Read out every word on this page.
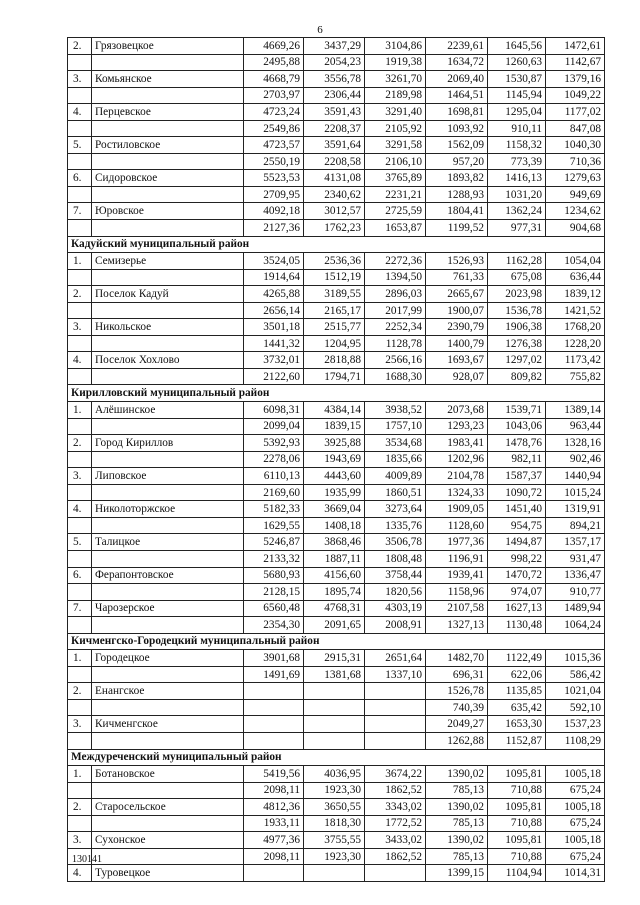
6
2.	Грязовецкое	4669,26	3437,29	3104,86	2239,61	1645,56	1472,61
		2495,88	2054,23	1919,38	1634,72	1260,63	1142,67
3.	Комьянское	4668,79	3556,78	3261,70	2069,40	1530,87	1379,16
		2703,97	2306,44	2189,98	1464,51	1145,94	1049,22
4.	Перцевское	4723,24	3591,43	3291,40	1698,81	1295,04	1177,02
		2549,86	2208,37	2105,92	1093,92	910,11	847,08
5.	Ростиловское	4723,57	3591,64	3291,58	1562,09	1158,32	1040,30
		2550,19	2208,58	2106,10	957,20	773,39	710,36
6.	Сидоровское	5523,53	4131,08	3765,89	1893,82	1416,13	1279,63
		2709,95	2340,62	2231,21	1288,93	1031,20	949,69
7.	Юровское	4092,18	3012,57	2725,59	1804,41	1362,24	1234,62
		2127,36	1762,23	1653,87	1199,52	977,31	904,68
Кадуйский муниципальный район							
1.	Семизерье	3524,05	2536,36	2272,36	1526,93	1162,28	1054,04
		1914,64	1512,19	1394,50	761,33	675,08	636,44
2.	Поселок Кадуй	4265,88	3189,55	2896,03	2665,67	2023,98	1839,12
		2656,14	2165,17	2017,99	1900,07	1536,78	1421,52
3.	Никольское	3501,18	2515,77	2252,34	2390,79	1906,38	1768,20
		1441,32	1204,95	1128,78	1400,79	1276,38	1228,20
4.	Поселок Хохлово	3732,01	2818,88	2566,16	1693,67	1297,02	1173,42
		2122,60	1794,71	1688,30	928,07	809,82	755,82
Кирилловский муниципальный район							
1.	Алёшинское	6098,31	4384,14	3938,52	2073,68	1539,71	1389,14
		2099,04	1839,15	1757,10	1293,23	1043,06	963,44
2.	Город Кириллов	5392,93	3925,88	3534,68	1983,41	1478,76	1328,16
		2278,06	1943,69	1835,66	1202,96	982,11	902,46
3.	Липовское	6110,13	4443,60	4009,89	2104,78	1587,37	1440,94
		2169,60	1935,99	1860,51	1324,33	1090,72	1015,24
4.	Николоторжское	5182,33	3669,04	3273,64	1909,05	1451,40	1319,91
		1629,55	1408,18	1335,76	1128,60	954,75	894,21
5.	Талицкое	5246,87	3868,46	3506,78	1977,36	1494,87	1357,17
		2133,32	1887,11	1808,48	1196,91	998,22	931,47
6.	Ферапонтовское	5680,93	4156,60	3758,44	1939,41	1470,72	1336,47
		2128,15	1895,74	1820,56	1158,96	974,07	910,77
7.	Чарозерское	6560,48	4768,31	4303,19	2107,58	1627,13	1489,94
		2354,30	2091,65	2008,91	1327,13	1130,48	1064,24
Кичменгско-Городецкий муниципальный район							
1.	Городецкое	3901,68	2915,31	2651,64	1482,70	1122,49	1015,36
		1491,69	1381,68	1337,10	696,31	622,06	586,42
2.	Енангское				1526,78	1135,85	1021,04
					740,39	635,42	592,10
3.	Кичменгское				2049,27	1653,30	1537,23
					1262,88	1152,87	1108,29
Междуреченский муниципальный район							
1.	Ботановское	5419,56	4036,95	3674,22	1390,02	1095,81	1005,18
		2098,11	1923,30	1862,52	785,13	710,88	675,24
2.	Старосельское	4812,36	3650,55	3343,02	1390,02	1095,81	1005,18
		1933,11	1818,30	1772,52	785,13	710,88	675,24
3.	Сухонское	4977,36	3755,55	3433,02	1390,02	1095,81	1005,18
		2098,11	1923,30	1862,52	785,13	710,88	675,24
4.	Туровецкое				1399,15	1104,94	1014,31
130141
